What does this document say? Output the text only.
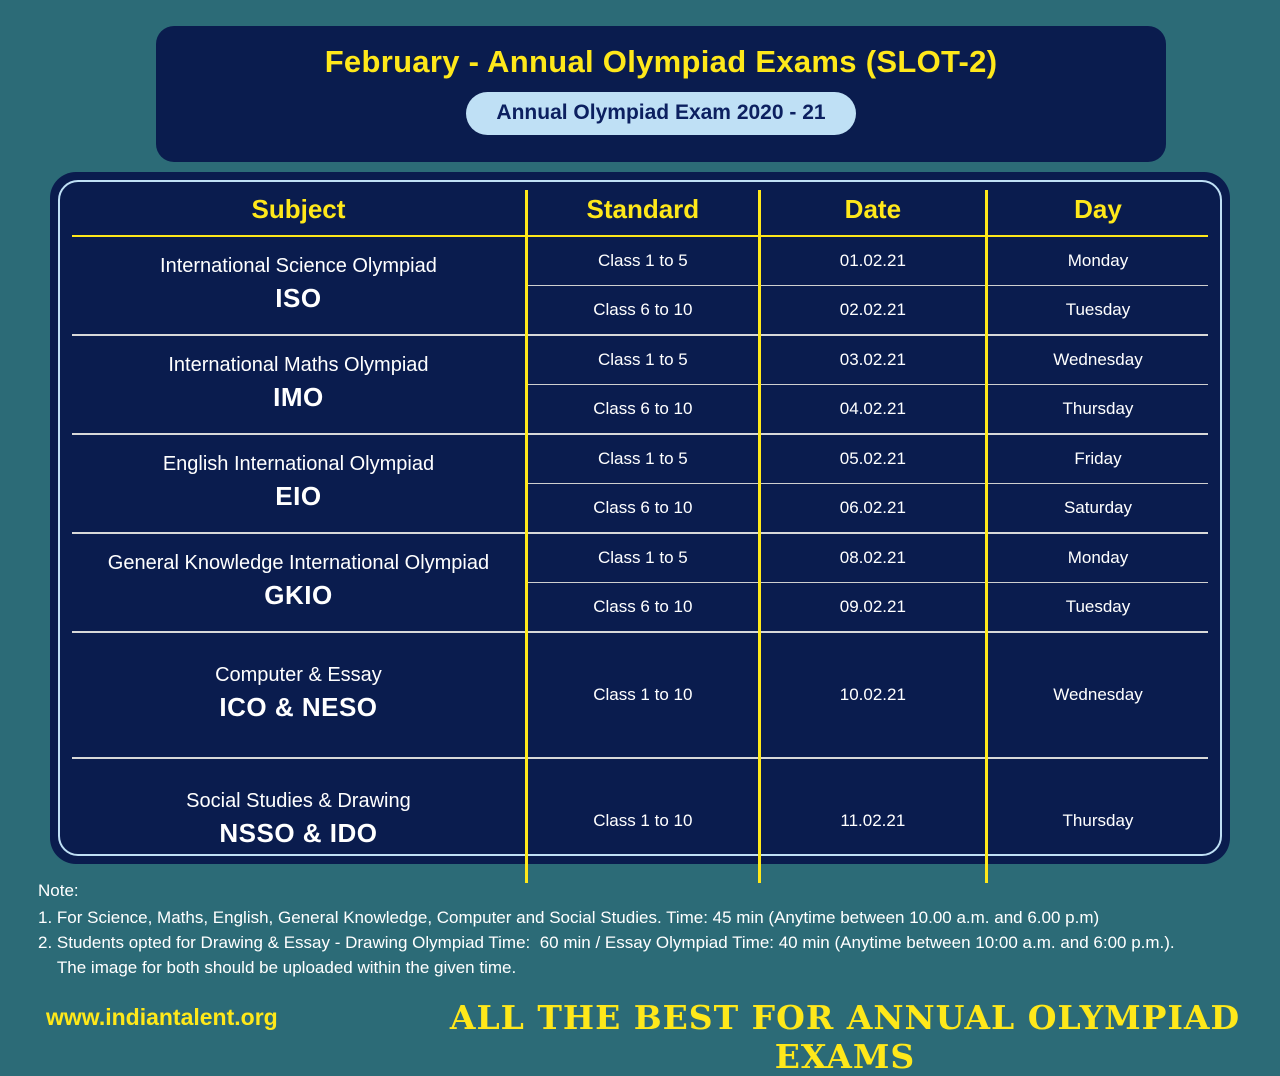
February - Annual Olympiad Exams (SLOT-2)
Annual Olympiad Exam 2020 - 21
Subject	Standard	Date	Day

International Science Olympiad
ISO	Class 1 to 5	01.02.21	Monday
	Class 6 to 10	02.02.21	Tuesday

International Maths Olympiad
IMO	Class 1 to 5	03.02.21	Wednesday
	Class 6 to 10	04.02.21	Thursday

English International Olympiad
EIO	Class 1 to 5	05.02.21	Friday
	Class 6 to 10	06.02.21	Saturday

General Knowledge International Olympiad
GKIO	Class 1 to 5	08.02.21	Monday
	Class 6 to 10	09.02.21	Tuesday

Computer & Essay
ICO & NESO	Class 1 to 10	10.02.21	Wednesday

Social Studies & Drawing
NSSO & IDO	Class 1 to 10	11.02.21	Thursday
Note:
1. For Science, Maths, English, General Knowledge, Computer and Social Studies. Time: 45 min (Anytime between 10.00 a.m. and 6.00 p.m)
2. Students opted for Drawing & Essay - Drawing Olympiad Time:  60 min / Essay Olympiad Time: 40 min (Anytime between 10:00 a.m. and 6:00 p.m.).
The image for both should be uploaded within the given time.
www.indiantalent.org	ALL THE BEST FOR ANNUAL OLYMPIAD EXAMS
